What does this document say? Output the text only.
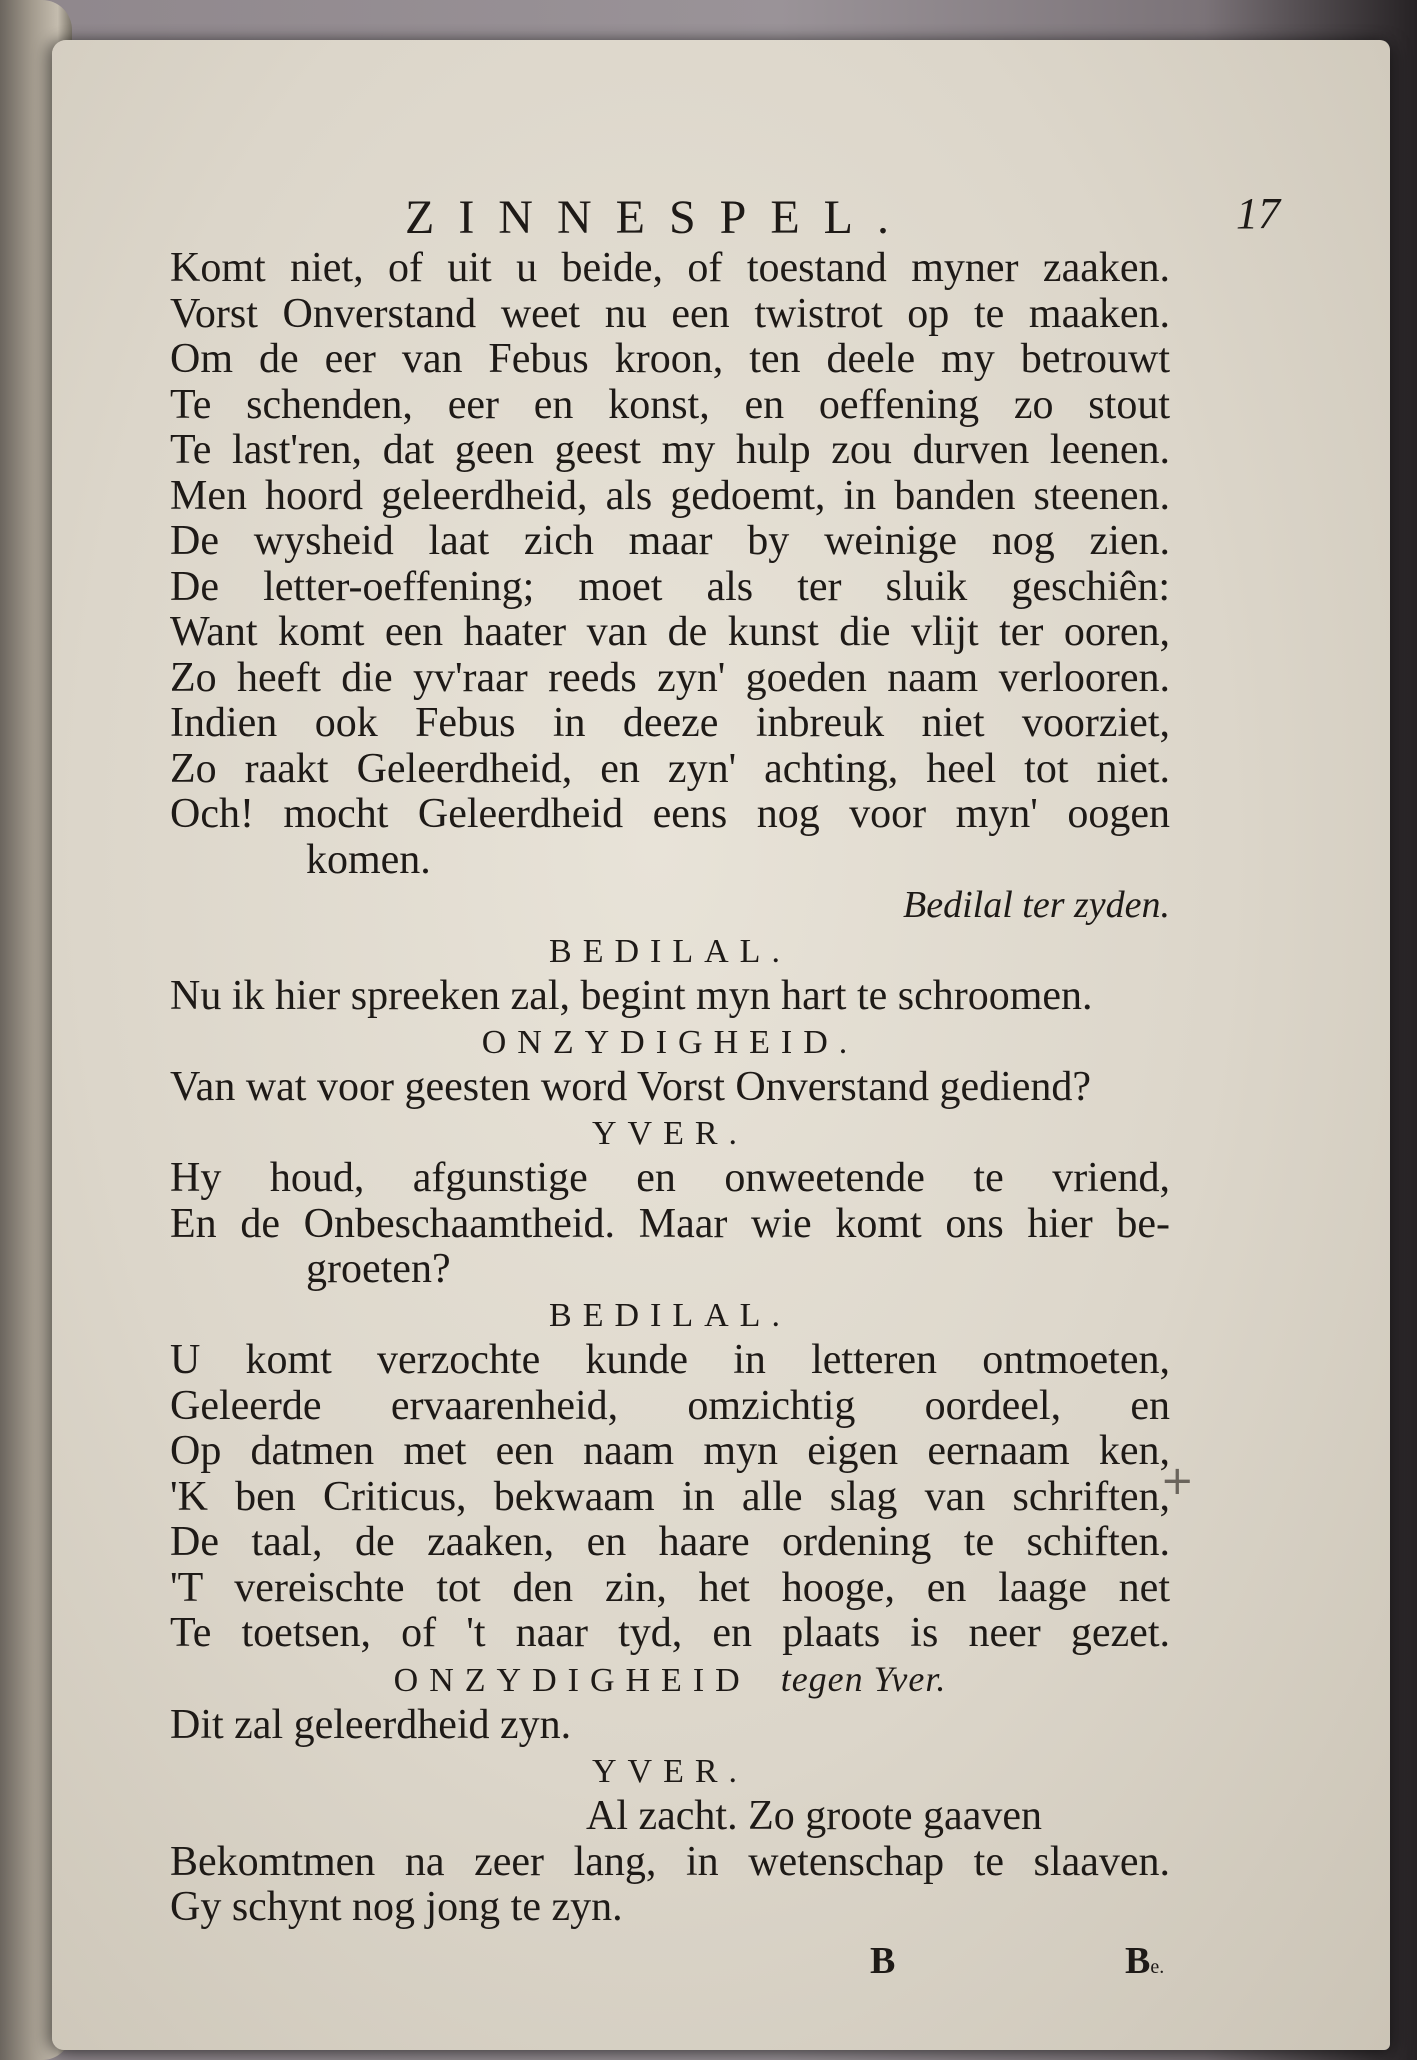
ZINNESPEL.	17
Komt niet, of uit u beide, of toestand myner zaaken.
Vorst Onverstand weet nu een twistrot op te maaken.
Om de eer van Febus kroon, ten deele my betrouwt
Te schenden, eer en konst, en oeffening zo stout
Te last'ren, dat geen geest my hulp zou durven leenen.
Men hoord geleerdheid, als gedoemt, in banden steenen.
De wysheid laat zich maar by weinige nog zien.
De letter-oeffening; moet als ter sluik geschiên:
Want komt een haater van de kunst die vlijt ter ooren,
Zo heeft die yv'raar reeds zyn' goeden naam verlooren.
Indien ook Febus in deeze inbreuk niet voorziet,
Zo raakt Geleerdheid, en zyn' achting, heel tot niet.
Och! mocht Geleerdheid eens nog voor myn' oogen
komen.
Bedilal ter zyden.
BEDILAL.
Nu ik hier spreeken zal, begint myn hart te schroomen.
ONZYDIGHEID.
Van wat voor geesten word Vorst Onverstand gediend?
YVER.
Hy houd, afgunstige en onweetende te vriend,
En de Onbeschaamtheid. Maar wie komt ons hier be-
groeten?
BEDILAL.
U komt verzochte kunde in letteren ontmoeten,
Geleerde ervaarenheid, omzichtig oordeel, en
Op datmen met een naam myn eigen eernaam ken,
'K ben Criticus, bekwaam in alle slag van schriften,
De taal, de zaaken, en haare ordening te schiften.
'T vereischte tot den zin, het hooge, en laage net
Te toetsen, of 't naar tyd, en plaats is neer gezet.
ONZYDIGHEID tegen Yver.
Dit zal geleerdheid zyn.
YVER.
Al zacht. Zo groote gaaven
Bekomtmen na zeer lang, in wetenschap te slaaven.
Gy schynt nog jong te zyn.
B	Be.
+
